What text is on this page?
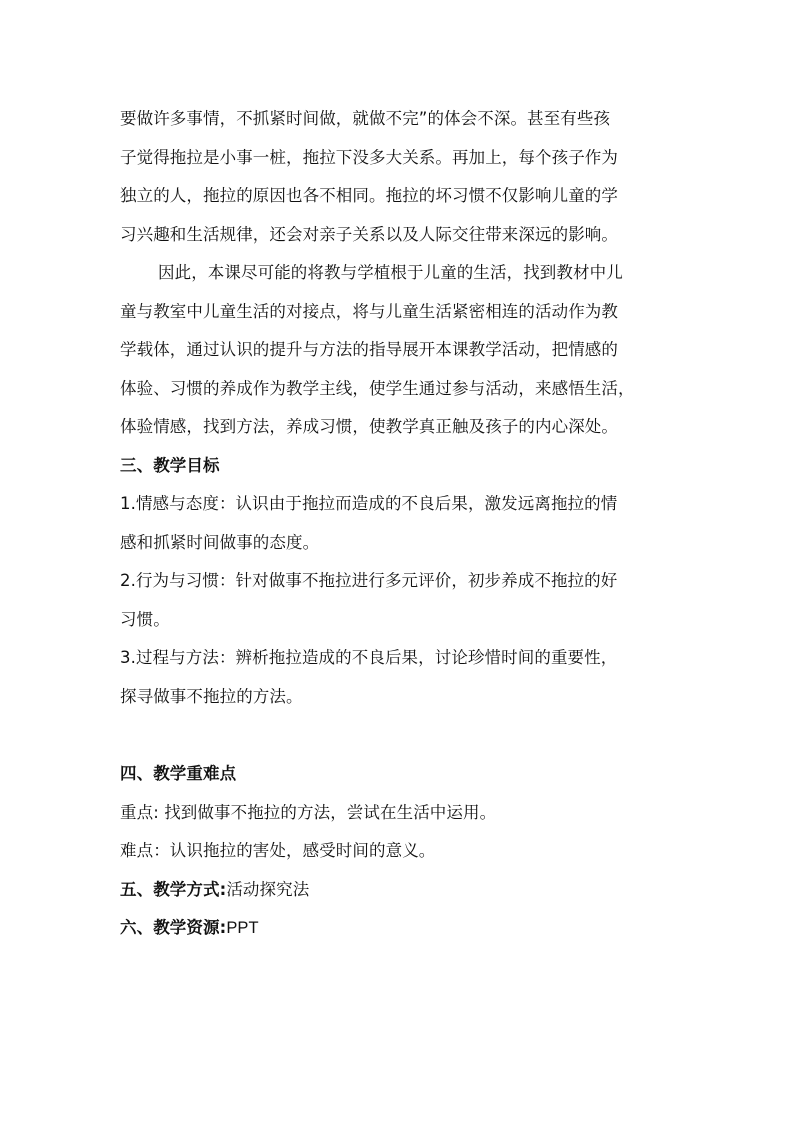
要做许多事情，不抓紧时间做，就做不完”的体会不深。甚至有些孩
子觉得拖拉是小事一桩，拖拉下没多大关系。再加上，每个孩子作为
独立的人，拖拉的原因也各不相同。拖拉的坏习惯不仅影响儿童的学
习兴趣和生活规律，还会对亲子关系以及人际交往带来深远的影响。
因此，本课尽可能的将教与学植根于儿童的生活，找到教材中儿
童与教室中儿童生活的对接点，将与儿童生活紧密相连的活动作为教
学载体，通过认识的提升与方法的指导展开本课教学活动，把情感的
体验、习惯的养成作为教学主线，使学生通过参与活动，来感悟生活，
体验情感，找到方法，养成习惯，使教学真正触及孩子的内心深处。
三、教学目标
1.情感与态度：认识由于拖拉而造成的不良后果，激发远离拖拉的情
感和抓紧时间做事的态度。
2.行为与习惯：针对做事不拖拉进行多元评价，初步养成不拖拉的好
习惯。
3.过程与方法：辨析拖拉造成的不良后果，讨论珍惜时间的重要性，
探寻做事不拖拉的方法。
四、教学重难点
重点: 找到做事不拖拉的方法，尝试在生活中运用。
难点：认识拖拉的害处，感受时间的意义。
五、教学方式:活动探究法
六、教学资源:PPT
